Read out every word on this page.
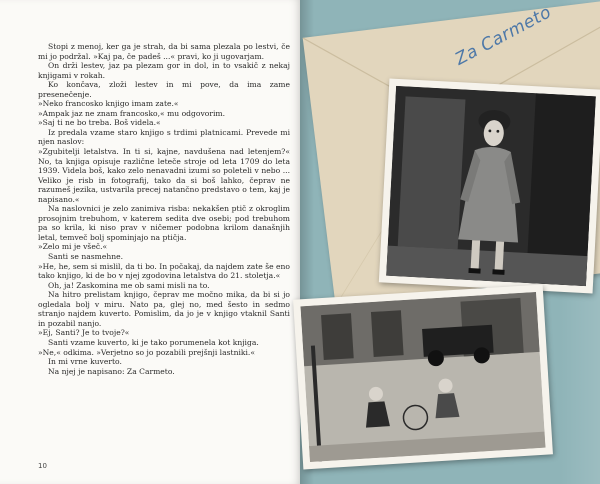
Stopi z menoj, ker ga je strah, da bi sama plezala po lestvi, če mi jo podržal. »Kaj pa, če padeš ...« pravi, ko ji ugovarjam.

On drži lestev, jaz pa plezam gor in dol, in to vsakič z nekaj knjigami v rokah.

Ko končava, zloži lestev in mi pove, da ima zame presenečenje.

»Neko francosko knjigo imam zate.«

»Ampak jaz ne znam francosko,« mu odgovorim.

»Saj ti ne bo treba. Boš videla.«

Iz predala vzame staro knjigo s trdimi platnicami. Prevede mi njen naslov:

»Zgubitelji letalstva. In ti si, kajne, navdušena nad letenjem?« No, ta knjiga opisuje različne leteče stroje od leta 1709 do leta 1939. Videla boš, kako zelo nenavadni izumi so poleteli v nebo ... Veliko je risb in fotografij, tako da si boš lahko, čeprav ne razumeš jezika, ustvarila precej natančno predstavo o tem, kaj je napisano.«

Na naslovnici je zelo zanimiva risba: nekakšen ptič z okroglim prosojnim trebuhom, v katerem sedita dve osebi; pod trebuhom pa so krila, ki niso prav v ničemer podobna krilom današnjih letal, temveč bolj spominjajo na ptičja.

»Zelo mi je všeč.«

Santi se nasmehne.

»He, he, sem si mislil, da ti bo. In počakaj, da najdem zate še eno tako knjigo, ki de bo v njej zgodovina letalstva do 21. stoletja.«

Oh, ja! Zaskomina me ob sami misli na to.

Na hitro prelistam knjigo, čeprav me močno mika, da bi si jo ogledala bolj v miru. Nato pa, glej no, med šesto in sedmo stranjo najdem kuverto. Pomislim, da jo je v knjigo vtaknil Santi in pozabil nanjo.

»Ej, Santi? Je to tvoje?«

Santi vzame kuverto, ki je tako porumenela kot knjiga.

»Ne,« odkima. »Verjetno so jo pozabili prejšnji lastniki.«

In mi vrne kuverto.

Na njej je napisano: Za Carmeto.

10
Za Carmeto
